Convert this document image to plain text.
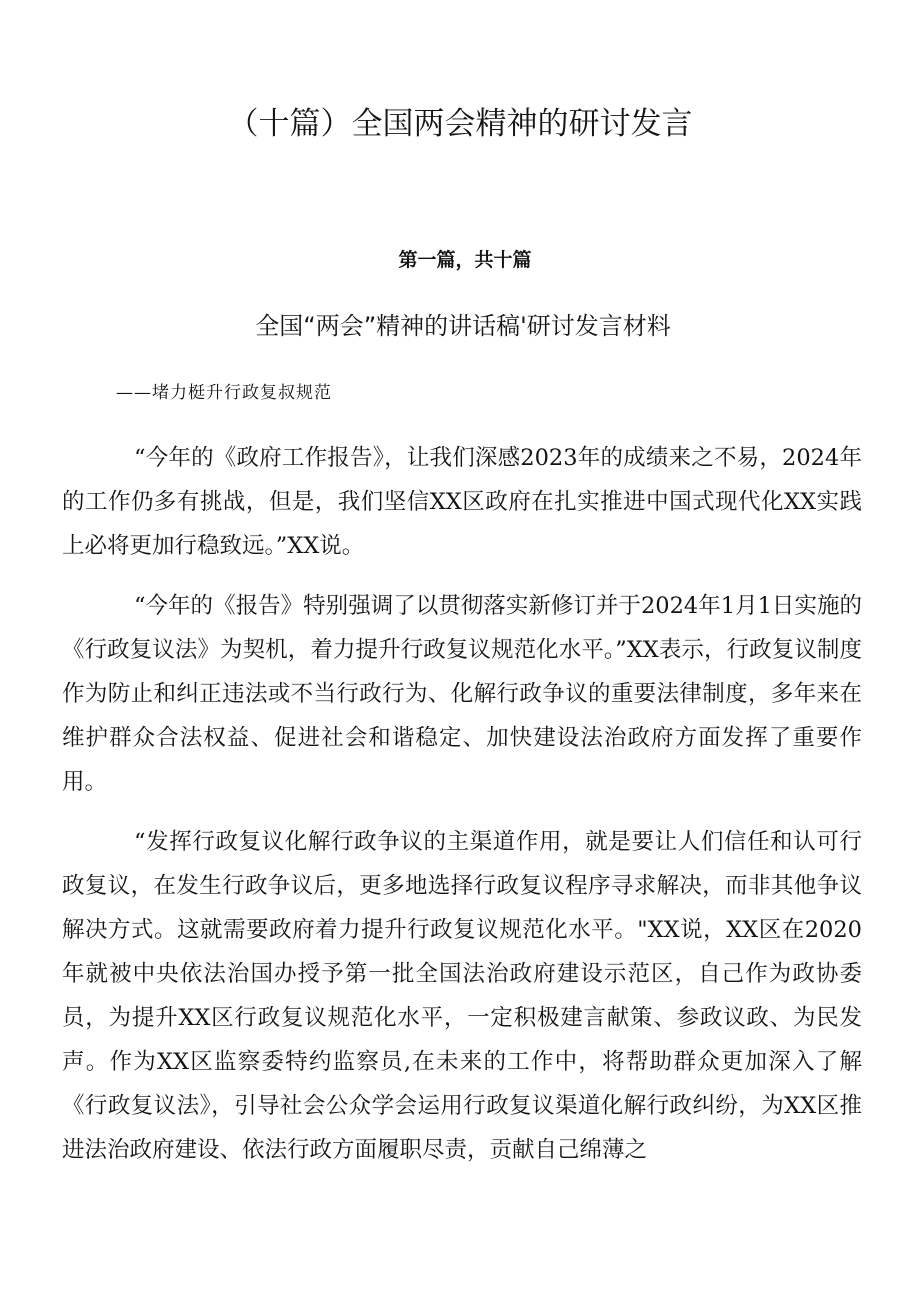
（十篇）全国两会精神的研讨发言
第一篇，共十篇
全国“两会”精神的讲话稿'研讨发言材料
——堵力梃升行政复叔规范

“今年的《政府工作报告》，让我们深感2023年的成绩来之不易，2024年的工作仍多有挑战，但是，我们坚信XX区政府在扎实推进中国式现代化XX实践上必将更加行稳致远。”XX说。

“今年的《报告》特别强调了以贯彻落实新修订并于2024年1月1日实施的《行政复议法》为契机，着力提升行政复议规范化水平。”XX表示，行政复议制度作为防止和纠正违法或不当行政行为、化解行政争议的重要法律制度，多年来在维护群众合法权益、促进社会和谐稳定、加快建设法治政府方面发挥了重要作用。

“发挥行政复议化解行政争议的主渠道作用，就是要让人们信任和认可行政复议，在发生行政争议后，更多地选择行政复议程序寻求解决，而非其他争议解决方式。这就需要政府着力提升行政复议规范化水平。"XX说，XX区在2020年就被中央依法治国办授予第一批全国法治政府建设示范区，自己作为政协委员，为提升XX区行政复议规范化水平，一定积极建言献策、参政议政、为民发声。作为XX区监察委特约监察员,在未来的工作中，将帮助群众更加深入了解《行政复议法》，引导社会公众学会运用行政复议渠道化解行政纠纷，为XX区推进法治政府建设、依法行政方面履职尽责，贡献自己绵薄之
